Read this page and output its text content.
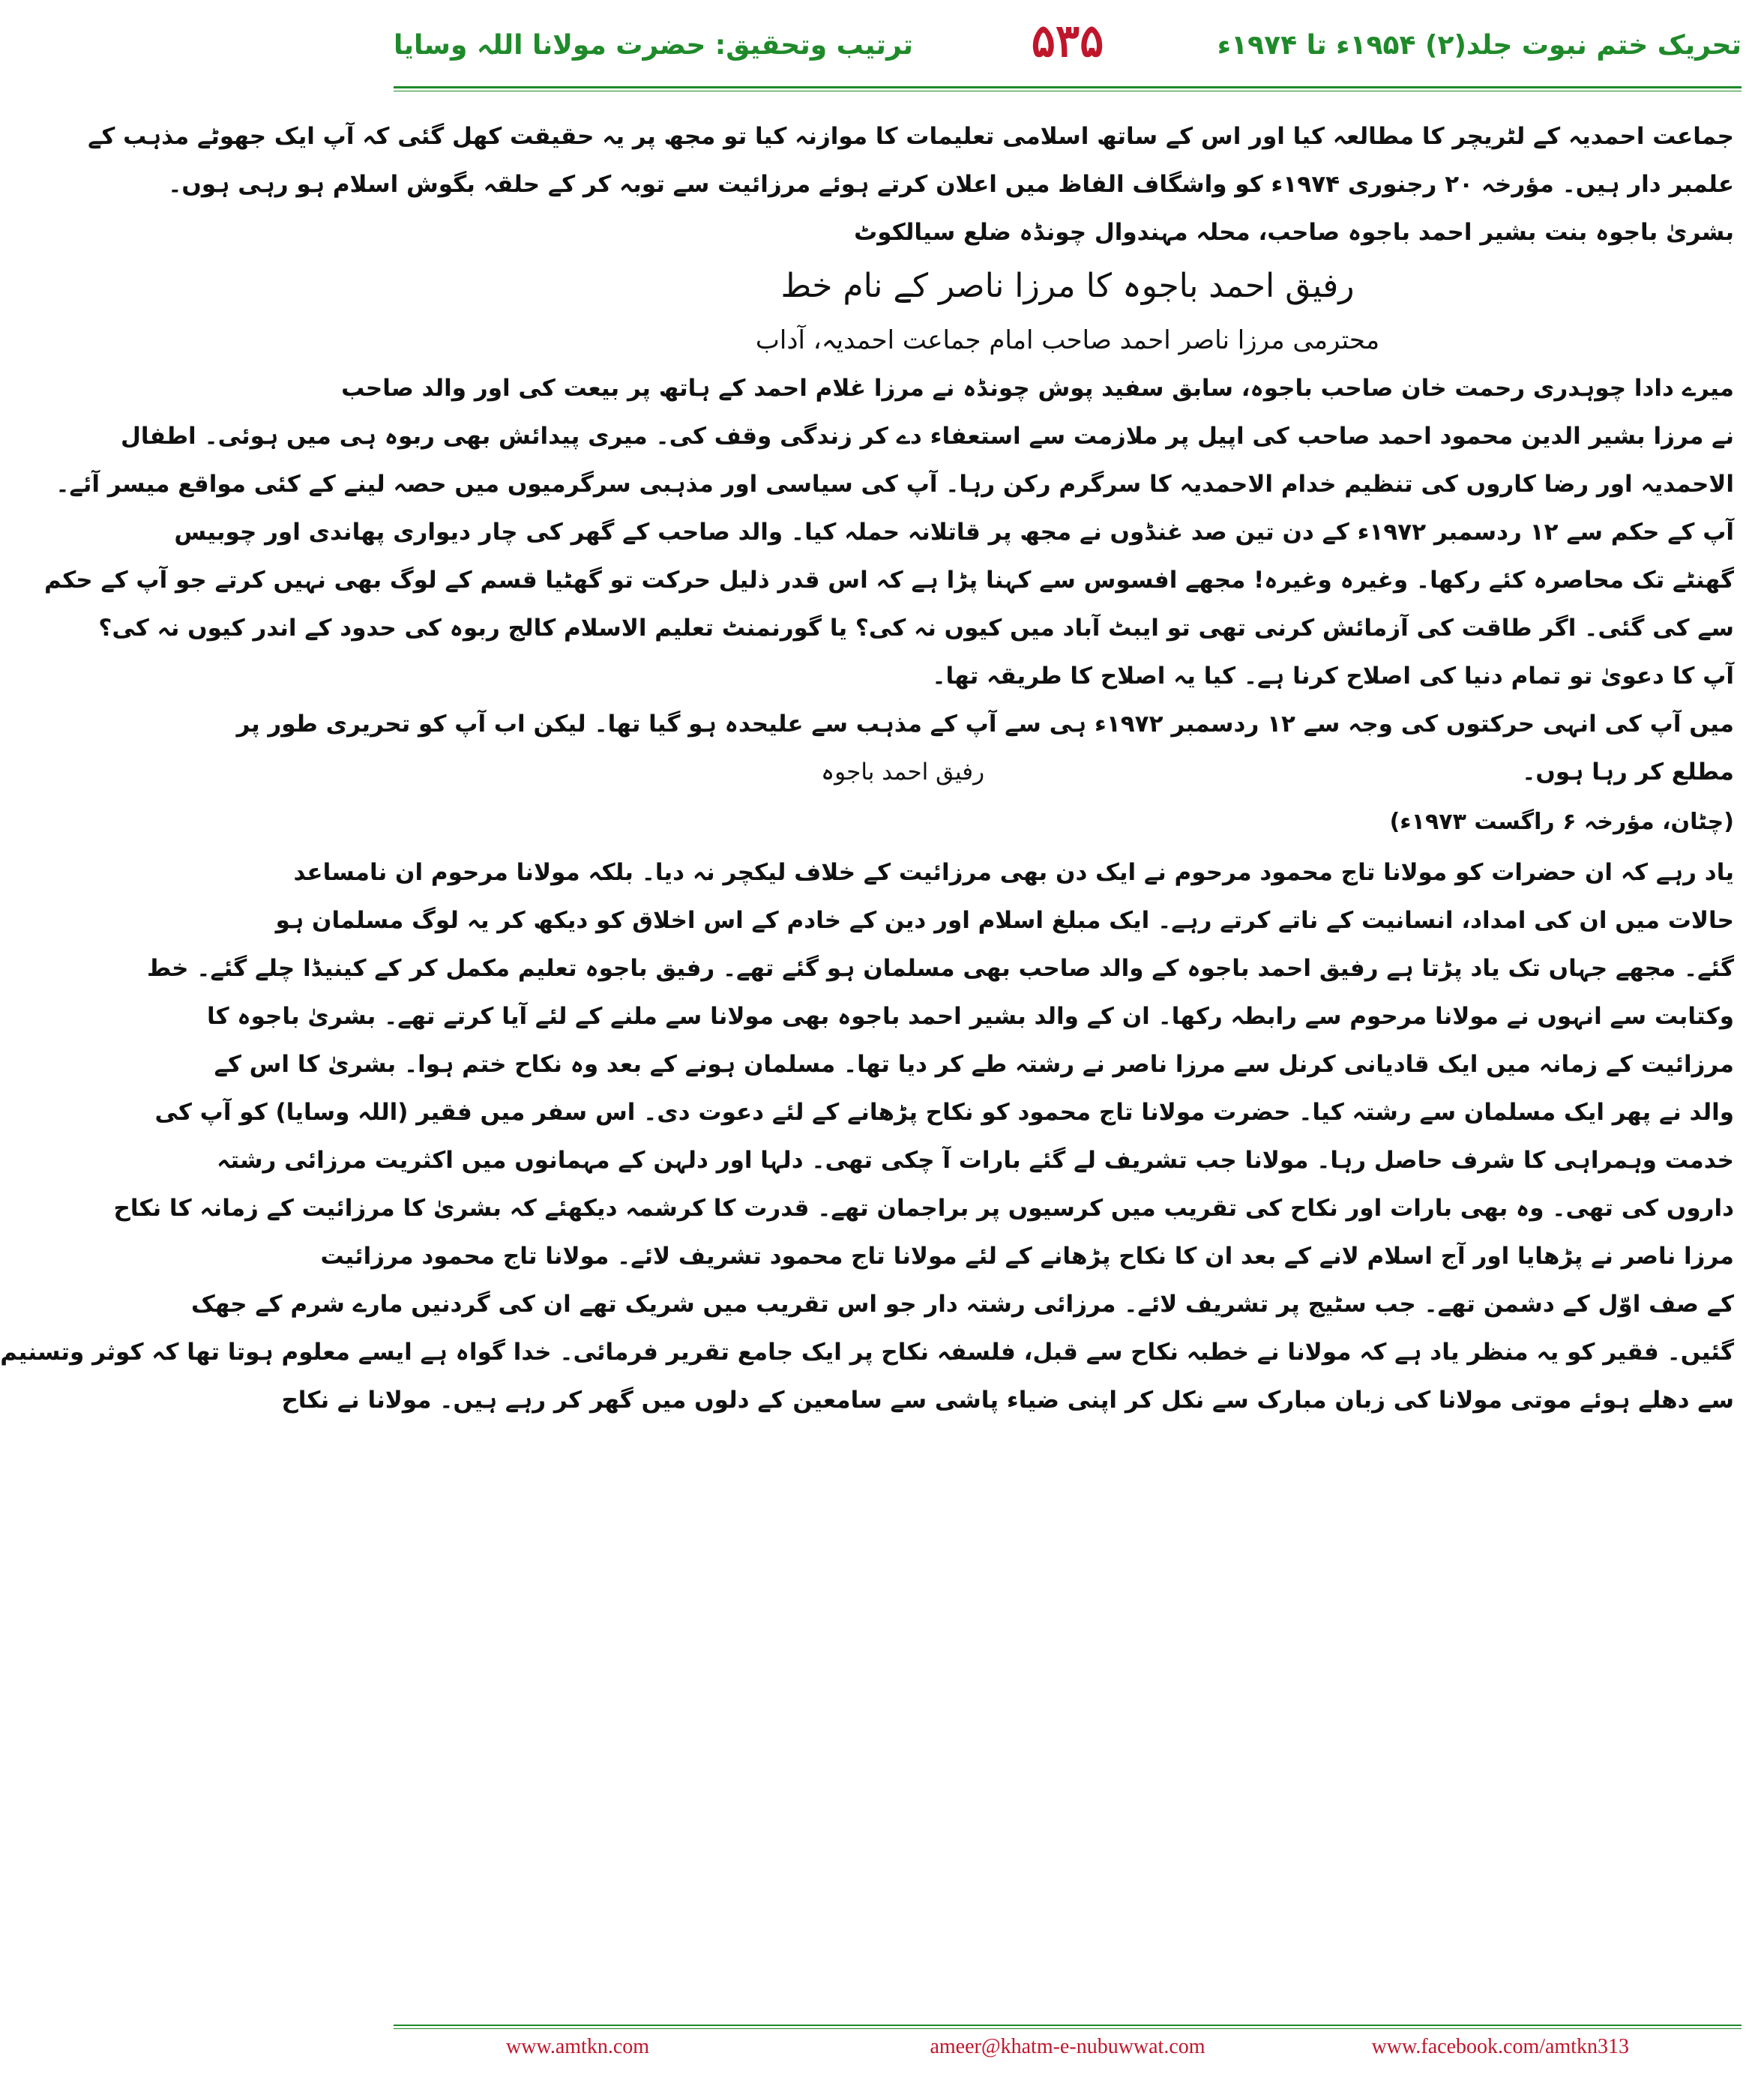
تحریک ختم نبوت جلد(۲) ۱۹۵۴ء تا ۱۹۷۴ء
۵۳۵
ترتیب وتحقیق: حضرت مولانا اللہ وسایا
جماعت احمدیہ کے لٹریچر کا مطالعہ کیا اور اس کے ساتھ اسلامی تعلیمات کا موازنہ کیا تو مجھ پر یہ حقیقت کھل گئی کہ آپ ایک جھوٹے مذہب کے
علمبر دار ہیں۔ مؤرخہ ۲۰ رجنوری ۱۹۷۴ء کو واشگاف الفاظ میں اعلان کرتے ہوئے مرزائیت سے توبہ کر کے حلقہ بگوش اسلام ہو رہی ہوں۔
بشریٰ باجوہ بنت بشیر احمد باجوہ صاحب، محلہ مہندوال چونڈہ ضلع سیالکوٹ
رفیق احمد باجوہ کا مرزا ناصر کے نام خط
محترمی مرزا ناصر احمد صاحب امام جماعت احمدیہ، آداب
میرے دادا چوہدری رحمت خان صاحب باجوہ، سابق سفید پوش چونڈہ نے مرزا غلام احمد کے ہاتھ پر بیعت کی اور والد صاحب
نے مرزا بشیر الدین محمود احمد صاحب کی اپیل پر ملازمت سے استعفاء دے کر زندگی وقف کی۔ میری پیدائش بھی ربوہ ہی میں ہوئی۔ اطفال
الاحمدیہ اور رضا کاروں کی تنظیم خدام الاحمدیہ کا سرگرم رکن رہا۔ آپ کی سیاسی اور مذہبی سرگرمیوں میں حصہ لینے کے کئی مواقع میسر آئے۔
آپ کے حکم سے ۱۲ ردسمبر ۱۹۷۲ء کے دن تین صد غنڈوں نے مجھ پر قاتلانہ حملہ کیا۔ والد صاحب کے گھر کی چار دیواری پھاندی اور چوبیس
گھنٹے تک محاصرہ کئے رکھا۔ وغیرہ وغیرہ! مجھے افسوس سے کہنا پڑا ہے کہ اس قدر ذلیل حرکت تو گھٹیا قسم کے لوگ بھی نہیں کرتے جو آپ کے حکم
سے کی گئی۔ اگر طاقت کی آزمائش کرنی تھی تو ایبٹ آباد میں کیوں نہ کی؟ یا گورنمنٹ تعلیم الاسلام کالج ربوہ کی حدود کے اندر کیوں نہ کی؟
آپ کا دعویٰ تو تمام دنیا کی اصلاح کرنا ہے۔ کیا یہ اصلاح کا طریقہ تھا۔
میں آپ کی انہی حرکتوں کی وجہ سے ۱۲ ردسمبر ۱۹۷۲ء ہی سے آپ کے مذہب سے علیحدہ ہو گیا تھا۔ لیکن اب آپ کو تحریری طور پر
مطلع کر رہا ہوں۔
رفیق احمد باجوہ
(چٹان، مؤرخہ ۶ راگست ۱۹۷۳ء)
یاد رہے کہ ان حضرات کو مولانا تاج محمود مرحوم نے ایک دن بھی مرزائیت کے خلاف لیکچر نہ دیا۔ بلکہ مولانا مرحوم ان نامساعد
حالات میں ان کی امداد، انسانیت کے ناتے کرتے رہے۔ ایک مبلغ اسلام اور دین کے خادم کے اس اخلاق کو دیکھ کر یہ لوگ مسلمان ہو
گئے۔ مجھے جہاں تک یاد پڑتا ہے رفیق احمد باجوہ کے والد صاحب بھی مسلمان ہو گئے تھے۔ رفیق باجوہ تعلیم مکمل کر کے کینیڈا چلے گئے۔ خط
وکتابت سے انہوں نے مولانا مرحوم سے رابطہ رکھا۔ ان کے والد بشیر احمد باجوہ بھی مولانا سے ملنے کے لئے آیا کرتے تھے۔ بشریٰ باجوہ کا
مرزائیت کے زمانہ میں ایک قادیانی کرنل سے مرزا ناصر نے رشتہ طے کر دیا تھا۔ مسلمان ہونے کے بعد وہ نکاح ختم ہوا۔ بشریٰ کا اس کے
والد نے پھر ایک مسلمان سے رشتہ کیا۔ حضرت مولانا تاج محمود کو نکاح پڑھانے کے لئے دعوت دی۔ اس سفر میں فقیر (اللہ وسایا) کو آپ کی
خدمت وہمراہی کا شرف حاصل رہا۔ مولانا جب تشریف لے گئے بارات آ چکی تھی۔ دلہا اور دلہن کے مہمانوں میں اکثریت مرزائی رشتہ
داروں کی تھی۔ وہ بھی بارات اور نکاح کی تقریب میں کرسیوں پر براجمان تھے۔ قدرت کا کرشمہ دیکھئے کہ بشریٰ کا مرزائیت کے زمانہ کا نکاح
مرزا ناصر نے پڑھایا اور آج اسلام لانے کے بعد ان کا نکاح پڑھانے کے لئے مولانا تاج محمود تشریف لائے۔ مولانا تاج محمود مرزائیت
کے صف اوّل کے دشمن تھے۔ جب سٹیج پر تشریف لائے۔ مرزائی رشتہ دار جو اس تقریب میں شریک تھے ان کی گردنیں مارے شرم کے جھک
گئیں۔ فقیر کو یہ منظر یاد ہے کہ مولانا نے خطبہ نکاح سے قبل، فلسفہ نکاح پر ایک جامع تقریر فرمائی۔ خدا گواہ ہے ایسے معلوم ہوتا تھا کہ کوثر وتسنیم
سے دھلے ہوئے موتی مولانا کی زبان مبارک سے نکل کر اپنی ضیاء پاشی سے سامعین کے دلوں میں گھر کر رہے ہیں۔ مولانا نے نکاح
www.amtkn.com	ameer@khatm-e-nubuwwat.com	www.facebook.com/amtkn313
